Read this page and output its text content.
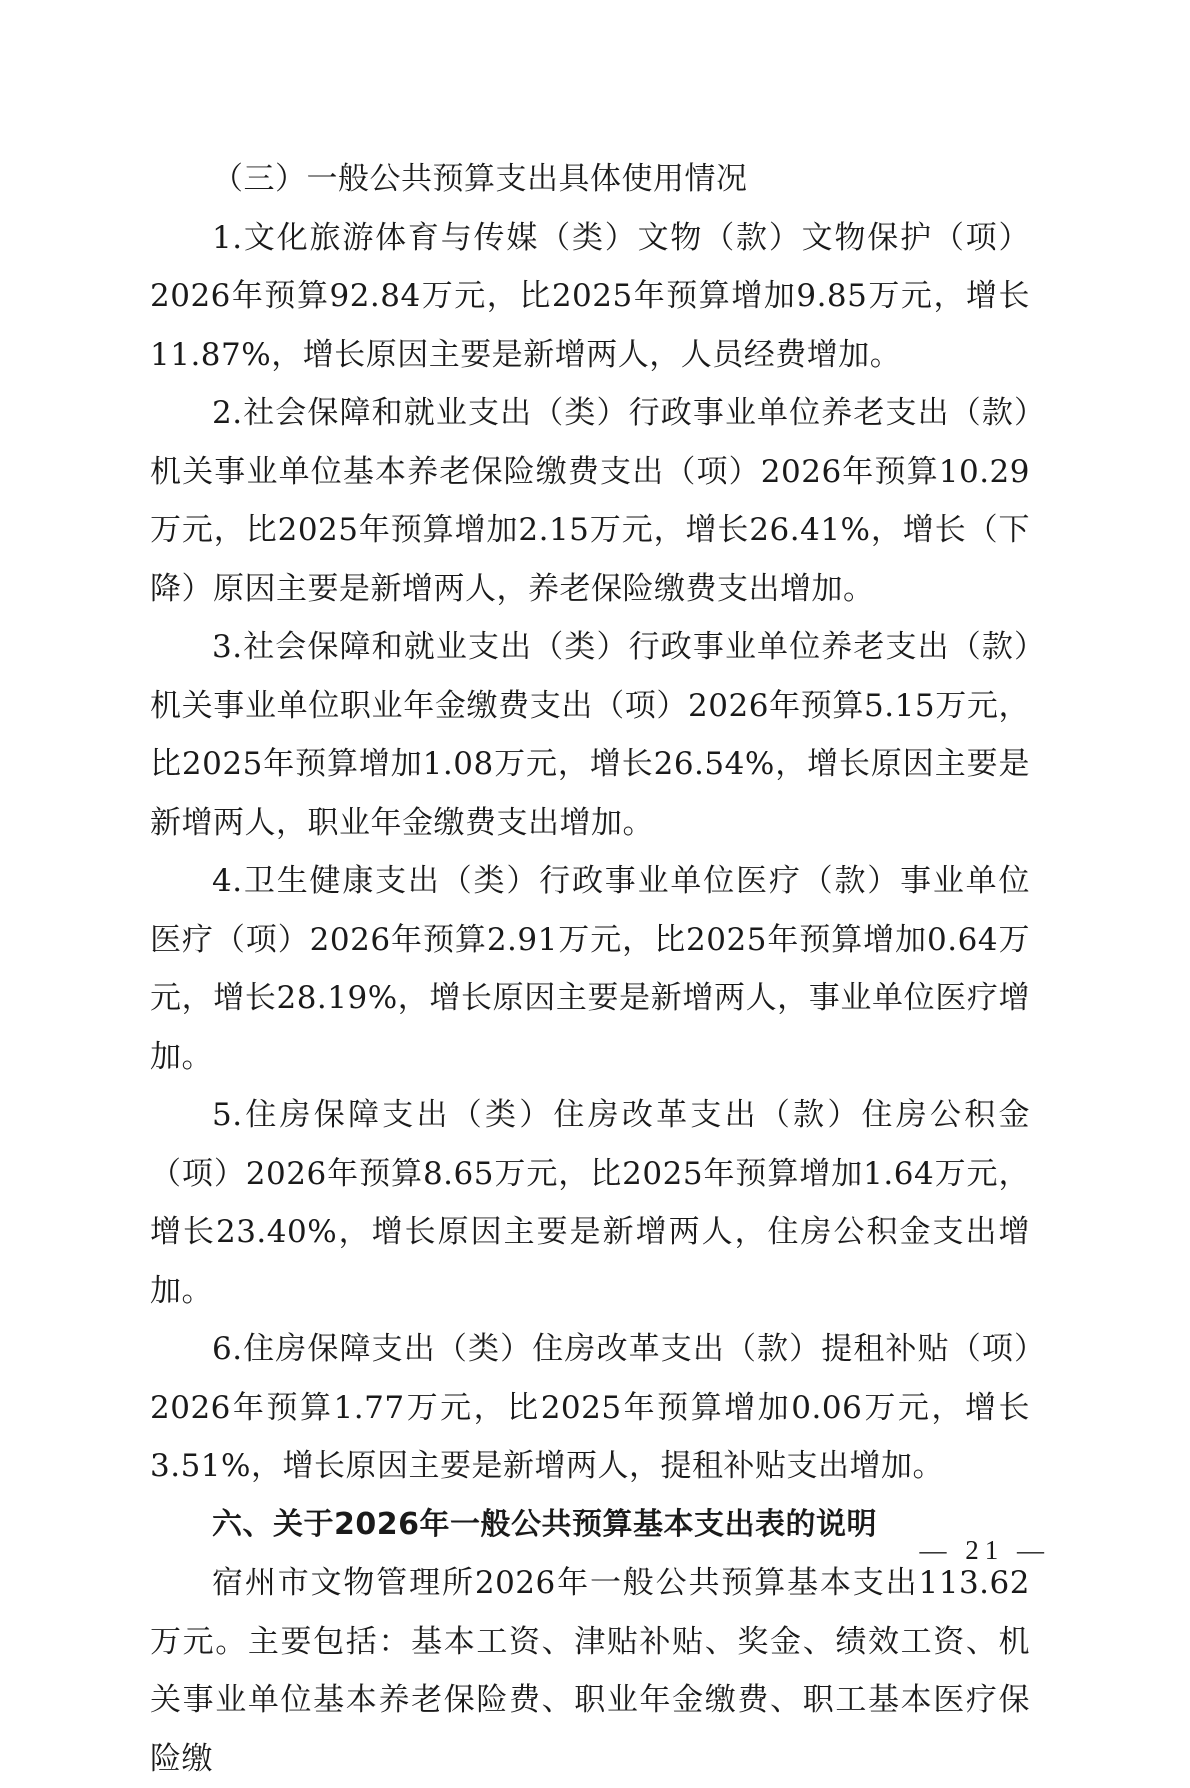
（三）一般公共预算支出具体使用情况

1.文化旅游体育与传媒（类）文物（款）文物保护（项）2026年预算92.84万元，比2025年预算增加9.85万元，增长11.87%，增长原因主要是新增两人，人员经费增加。

2.社会保障和就业支出（类）行政事业单位养老支出（款）机关事业单位基本养老保险缴费支出（项）2026年预算10.29万元，比2025年预算增加2.15万元，增长26.41%，增长（下降）原因主要是新增两人，养老保险缴费支出增加。

3.社会保障和就业支出（类）行政事业单位养老支出（款）机关事业单位职业年金缴费支出（项）2026年预算5.15万元，比2025年预算增加1.08万元，增长26.54%，增长原因主要是新增两人，职业年金缴费支出增加。

4.卫生健康支出（类）行政事业单位医疗（款）事业单位医疗（项）2026年预算2.91万元，比2025年预算增加0.64万元，增长28.19%，增长原因主要是新增两人，事业单位医疗增加。

5.住房保障支出（类）住房改革支出（款）住房公积金（项）2026年预算8.65万元，比2025年预算增加1.64万元，增长23.40%，增长原因主要是新增两人，住房公积金支出增加。

6.住房保障支出（类）住房改革支出（款）提租补贴（项）2026年预算1.77万元，比2025年预算增加0.06万元，增长3.51%，增长原因主要是新增两人，提租补贴支出增加。

六、关于2026年一般公共预算基本支出表的说明

宿州市文物管理所2026年一般公共预算基本支出113.62万元。主要包括：基本工资、津贴补贴、奖金、绩效工资、机关事业单位基本养老保险费、职业年金缴费、职工基本医疗保险缴

— 21 —
